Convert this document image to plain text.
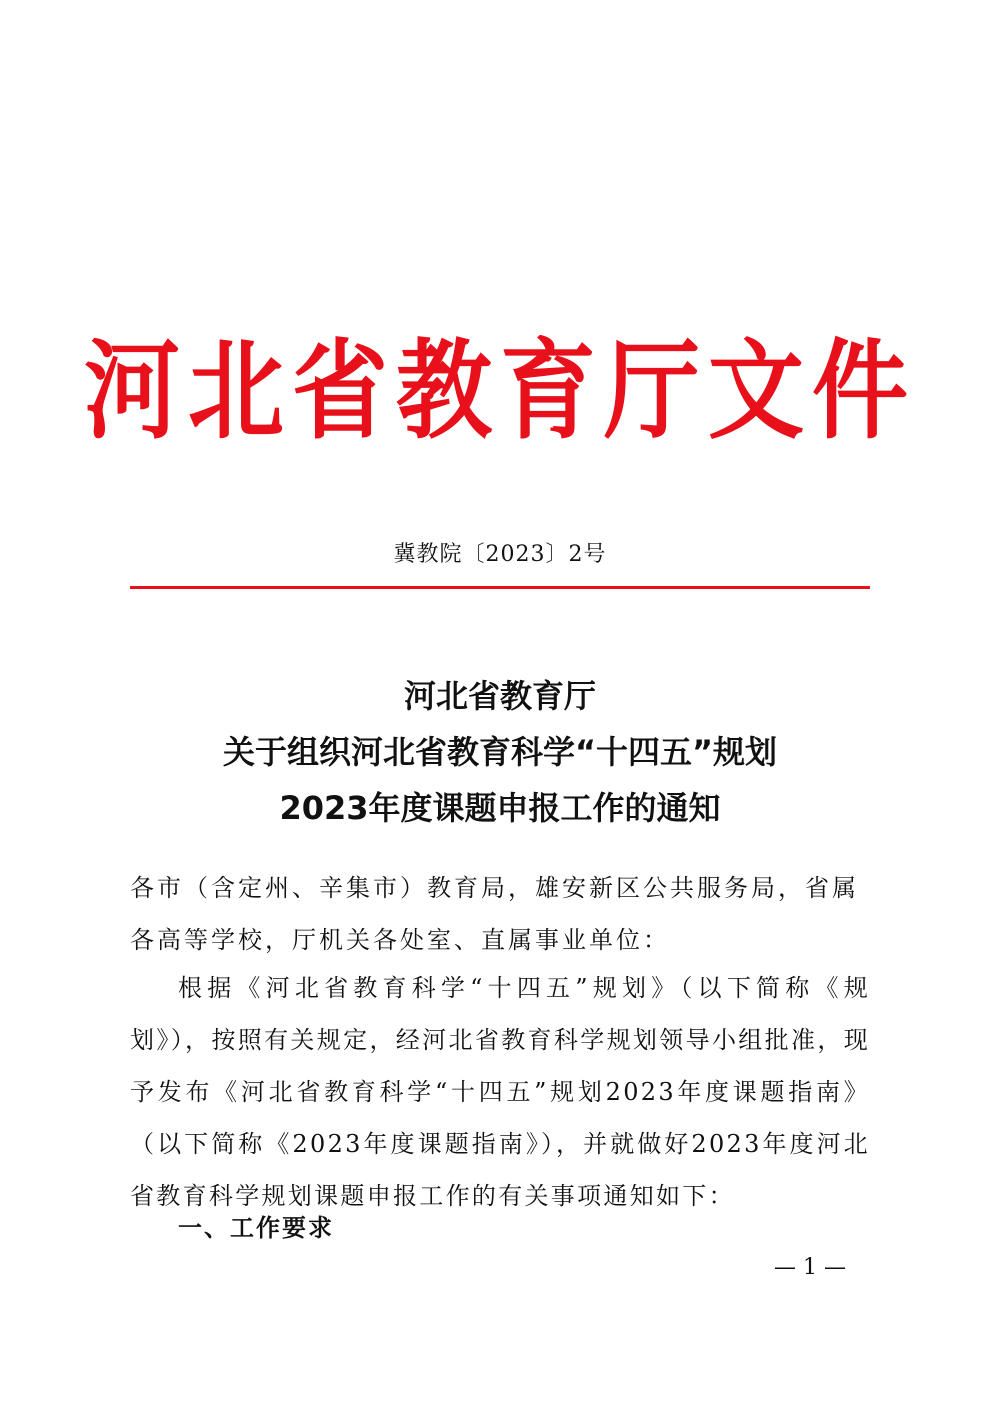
河北省教育厅文件
冀教院〔2023〕2号
河北省教育厅
关于组织河北省教育科学“十四五”规划
2023年度课题申报工作的通知
各市（含定州、辛集市）教育局，雄安新区公共服务局，省属各高等学校，厅机关各处室、直属事业单位：
根据《河北省教育科学“十四五”规划》（以下简称《规划》），按照有关规定，经河北省教育科学规划领导小组批准，现予发布《河北省教育科学“十四五”规划2023年度课题指南》（以下简称《2023年度课题指南》），并就做好2023年度河北省教育科学规划课题申报工作的有关事项通知如下：
一、工作要求
— 1 —
